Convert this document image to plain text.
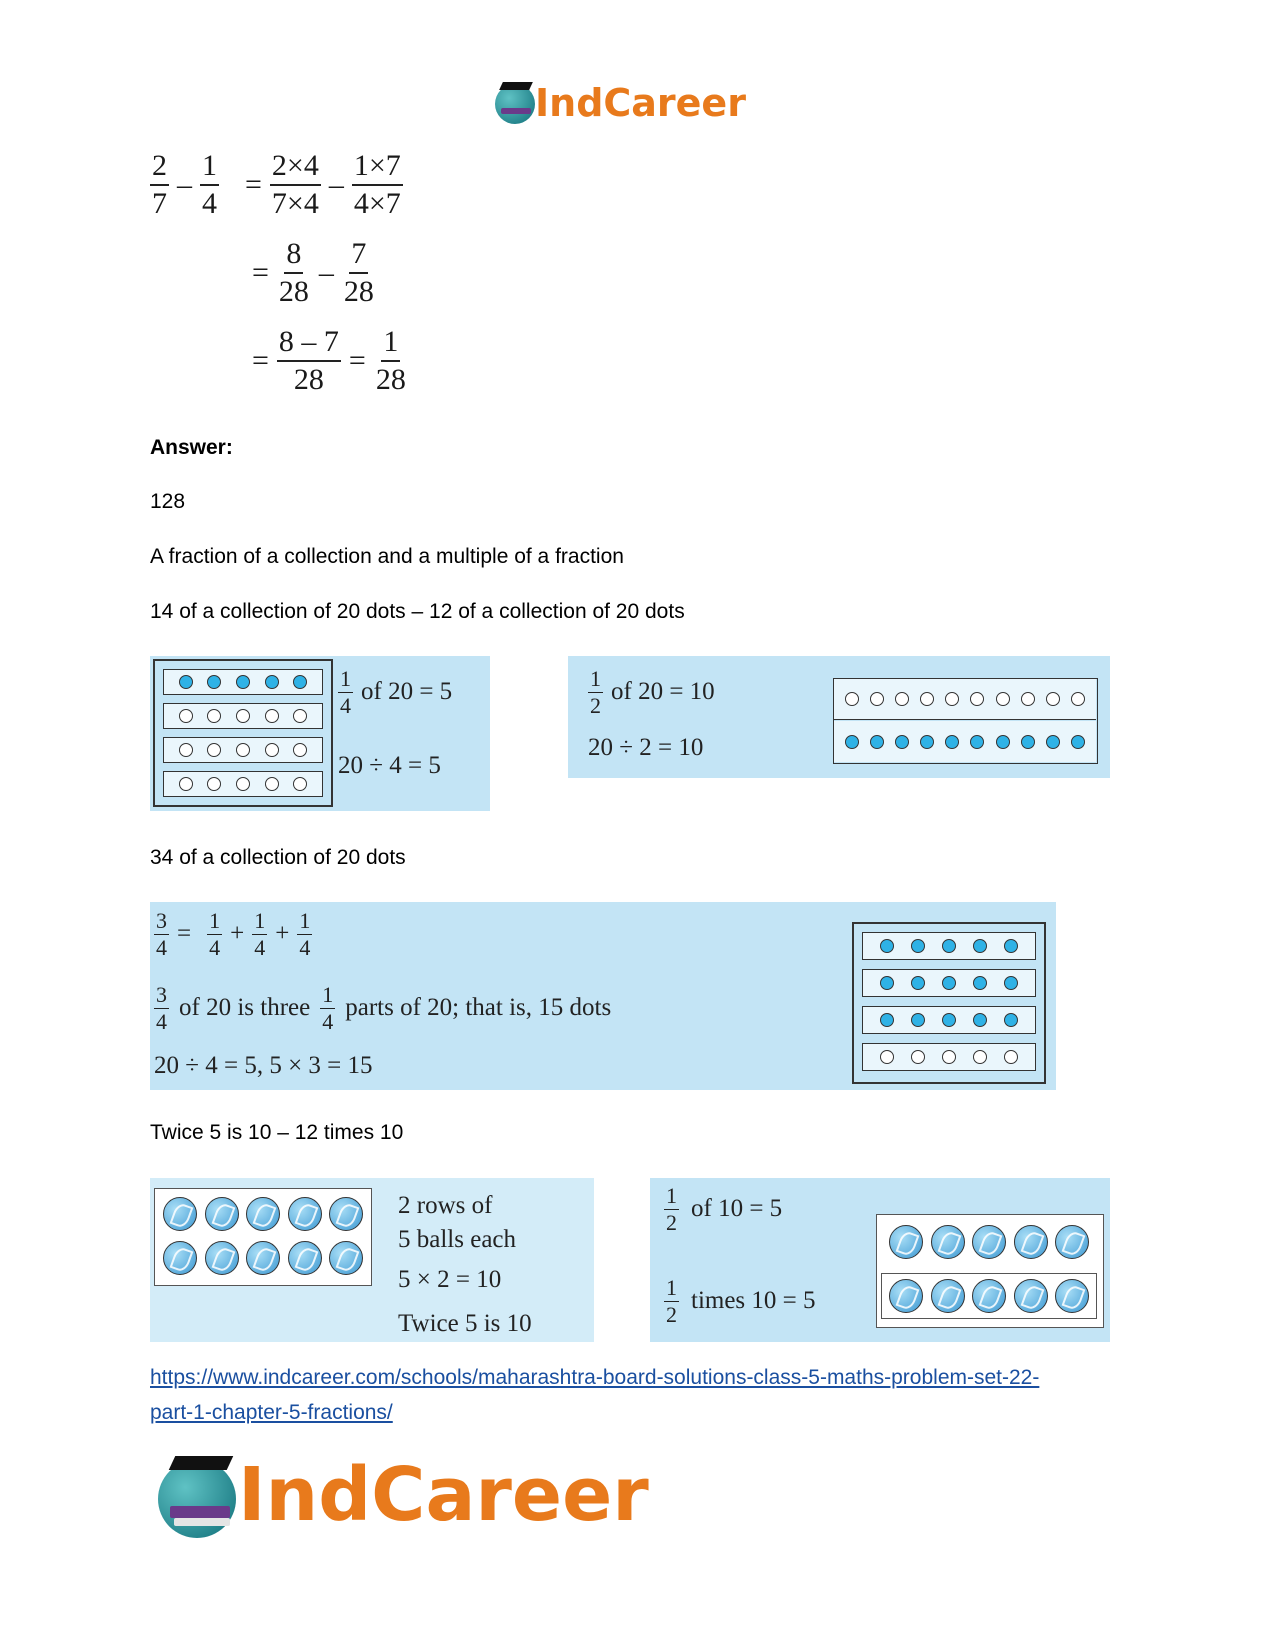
IndCareer
$\frac{2}{7} - \frac{1}{4} = \frac{2\times 4}{7\times 4} - \frac{1\times 7}{4\times 7}$
= $\frac{8}{28} - \frac{7}{28}$
= $\frac{8 - 7}{28} = \frac{1}{28}$
Answer:
128
A fraction of a collection and a multiple of a fraction
14 of a collection of 20 dots – 12 of a collection of 20 dots
$\frac{1}{4}$ of 20 = 5
20 ÷ 4 = 5
$\frac{1}{2}$ of 20 = 10
20 ÷ 2 = 10
34 of a collection of 20 dots
$\frac{3}{4} = \frac{1}{4} + \frac{1}{4} + \frac{1}{4}$
$\frac{3}{4}$ of 20 is three $\frac{1}{4}$ parts of 20; that is, 15 dots
20 ÷ 4 = 5, 5 × 3 = 15
Twice 5 is 10 – 12 times 10
2 rows of
5 balls each
5 × 2 = 10
Twice 5 is 10
$\frac{1}{2}$ of 10 = 5
$\frac{1}{2}$ times 10 = 5
https://www.indcareer.com/schools/maharashtra-board-solutions-class-5-maths-problem-set-22-
part-1-chapter-5-fractions/
IndCareer
